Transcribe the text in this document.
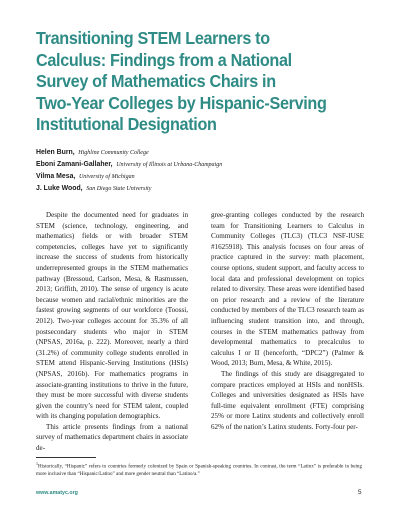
Transitioning STEM Learners to
Calculus: Findings from a National
Survey of Mathematics Chairs in
Two-Year Colleges by Hispanic-Serving
Institutional Designation
Helen Burn, Highline Community College
Eboni Zamani-Gallaher, University of Illinois at Urbana-Champaign
Vilma Mesa, University of Michigan
J. Luke Wood, San Diego State University

Despite the documented need for graduates in STEM (science, technology, engineering, and mathematics) fields or with broader STEM competencies, colleges have yet to significantly increase the success of students from historically underrepresented groups in the STEM mathematics pathway (Bressoud, Carlson, Mesa, & Rasmussen, 2013; Griffith, 2010). The sense of urgency is acute because women and racial/ethnic minorities are the fastest growing segments of our workforce (Toossi, 2012). Two-year colleges account for 35.3% of all postsecondary students who major in STEM (NPSAS, 2016a, p. 222). Moreover, nearly a third (31.2%) of community college students enrolled in STEM attend Hispanic-Serving Institutions (HSIs) (NPSAS, 2016b). For mathematics programs in associate-granting institutions to thrive in the future, they must be more successful with diverse students given the country’s need for STEM talent, coupled with its changing population demographics.

This article presents findings from a national survey of mathematics department chairs in associate de-

gree-granting colleges conducted by the research team for Transitioning Learners to Calculus in Community Colleges (TLC3) (TLC3 NSF-IUSE #1625918). This analysis focuses on four areas of practice captured in the survey: math placement, course options, student support, and faculty access to local data and professional development on topics related to diversity. These areas were identified based on prior research and a review of the literature conducted by members of the TLC3 research team as influencing student transition into, and through, courses in the STEM mathematics pathway from developmental mathematics to precalculus to calculus I or II (henceforth, “DPC2”) (Palmer & Wood, 2013; Burn, Mesa, & White, 2015).

The findings of this study are disaggregated to compare practices employed at HSIs and nonHSIs. Colleges and universities designated as HSIs have full-time equivalent enrollment (FTE) comprising 25% or more Latinx students and collectively enroll 62% of the nation’s Latinx students. Forty-four per-

$^1$Historically, “Hispanic” refers to countries formerly colonized by Spain or Spanish-speaking countries. In contrast, the term “Latinx” is preferable in being more inclusive than “Hispanic/Latino” and more gender neutral than “Latino/a.”
www.amatyc.org	5
